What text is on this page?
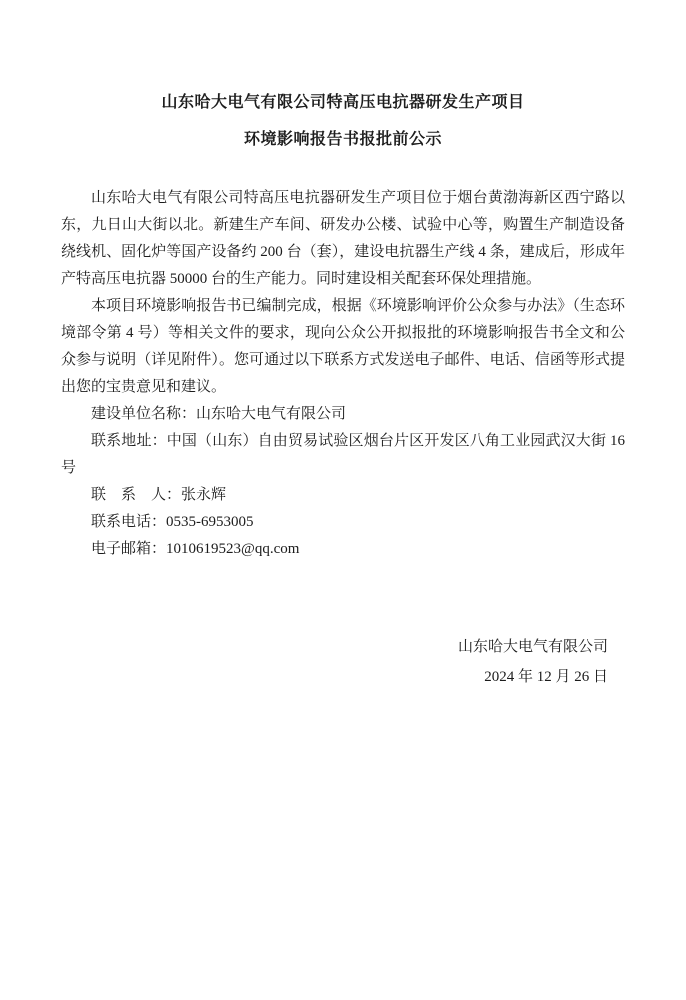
山东哈大电气有限公司特高压电抗器研发生产项目
环境影响报告书报批前公示

山东哈大电气有限公司特高压电抗器研发生产项目位于烟台黄渤海新区西宁路以东，九日山大街以北。新建生产车间、研发办公楼、试验中心等，购置生产制造设备绕线机、固化炉等国产设备约 200 台（套），建设电抗器生产线 4 条，建成后，形成年产特高压电抗器 50000 台的生产能力。同时建设相关配套环保处理措施。

本项目环境影响报告书已编制完成，根据《环境影响评价公众参与办法》（生态环境部令第 4 号）等相关文件的要求，现向公众公开拟报批的环境影响报告书全文和公众参与说明（详见附件）。您可通过以下联系方式发送电子邮件、电话、信函等形式提出您的宝贵意见和建议。

建设单位名称：山东哈大电气有限公司

联系地址：中国（山东）自由贸易试验区烟台片区开发区八角工业园武汉大街 16 号

联　系　人：张永辉

联系电话：0535-6953005

电子邮箱：1010619523@qq.com

山东哈大电气有限公司
2024 年 12 月 26 日
